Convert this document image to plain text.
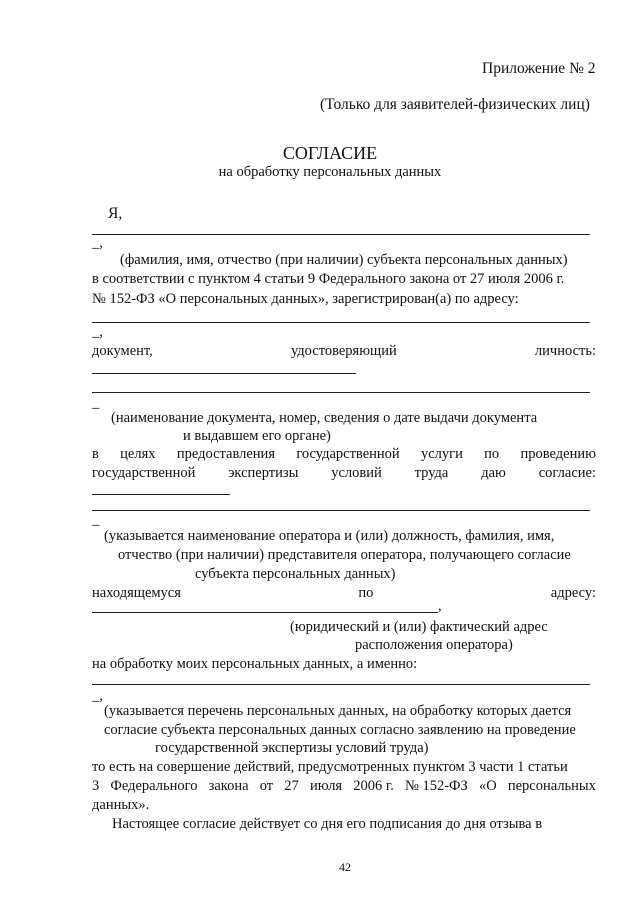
Приложение № 2
(Только для заявителей-физических лиц)
СОГЛАСИЕ
на обработку персональных данных
Я,
_,
(фамилия, имя, отчество (при наличии) субъекта персональных данных)
в соответствии с пунктом 4 статьи 9 Федерального закона от 27 июля 2006 г.
№ 152-ФЗ «О персональных данных», зарегистрирован(а) по адресу:
_,
документ,	удостоверяющий	личность:
_
(наименование документа, номер, сведения о дате выдачи документа
и выдавшем его органе)
в целях предоставления государственной услуги по проведению
государственной экспертизы условий труда даю согласие:
_
(указывается наименование оператора и (или) должность, фамилия, имя,
отчество (при наличии) представителя оператора, получающего согласие
субъекта персональных данных)
находящемуся	по	адресу:
,
(юридический и (или) фактический адрес
расположения оператора)
на обработку моих персональных данных, а именно:
_,
(указывается перечень персональных данных, на обработку которых дается
согласие субъекта персональных данных согласно заявлению на проведение
государственной экспертизы условий труда)
то есть на совершение действий, предусмотренных пунктом 3 части 1 статьи
3 Федерального закона от 27 июля 2006 г. № 152-ФЗ «О персональных
данных».
Настоящее согласие действует со дня его подписания до дня отзыва в
42
